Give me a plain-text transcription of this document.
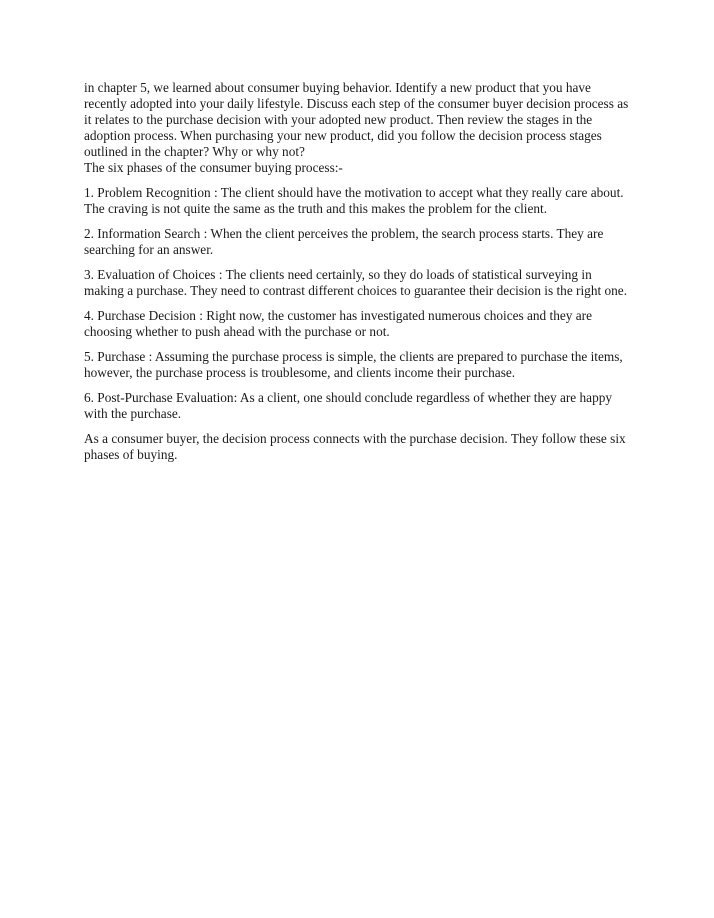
in chapter 5, we learned about consumer buying behavior. Identify a new product that you have recently adopted into your daily lifestyle. Discuss each step of the consumer buyer decision process as it relates to the purchase decision with your adopted new product. Then review the stages in the adoption process. When purchasing your new product, did you follow the decision process stages outlined in the chapter? Why or why not?

The six phases of the consumer buying process:-

1. Problem Recognition : The client should have the motivation to accept what they really care about. The craving is not quite the same as the truth and this makes the problem for the client.

2. Information Search : When the client perceives the problem, the search process starts. They are searching for an answer.

3. Evaluation of Choices : The clients need certainly, so they do loads of statistical surveying in making a purchase. They need to contrast different choices to guarantee their decision is the right one.

4. Purchase Decision : Right now, the customer has investigated numerous choices and they are choosing whether to push ahead with the purchase or not.

5. Purchase : Assuming the purchase process is simple, the clients are prepared to purchase the items, however, the purchase process is troublesome, and clients income their purchase.

6. Post-Purchase Evaluation: As a client, one should conclude regardless of whether they are happy with the purchase.

As a consumer buyer, the decision process connects with the purchase decision. They follow these six phases of buying.
